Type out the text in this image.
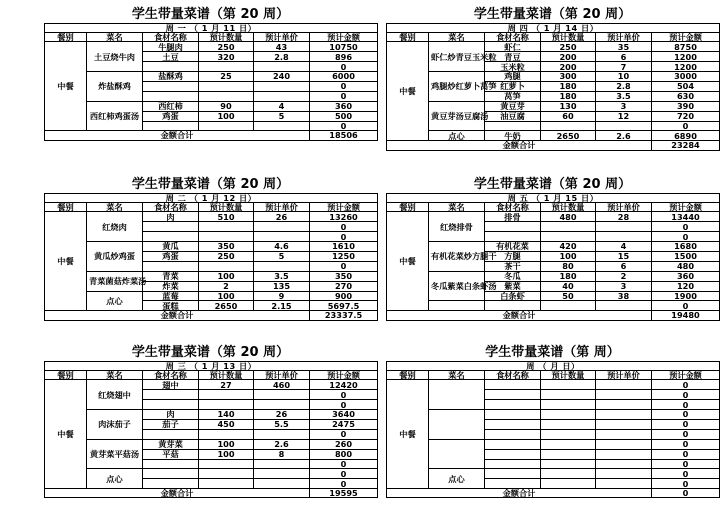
学生带量菜谱（第 20 周）
周 一 （ 1 月 11 日）					
餐别	菜名	食材名称	预计数量	预计单价	预计金额
中餐	土豆烧牛肉	牛腿肉	250	43	10750
		土豆	320	2.8	896
					0
	炸盐酥鸡	盐酥鸡	25	240	6000
					0
					0
	西红柿鸡蛋汤	西红柿	90	4	360
		鸡蛋	100	5	500
					0
金额合计					18506
学生带量菜谱（第 20 周）
周 四 （ 1 月 14 日）					
餐别	菜名	食材名称	预计数量	预计单价	预计金额
中餐	虾仁炒青豆玉米粒	虾仁	250	35	8750
		青豆	200	6	1200
		玉米粒	200	7	1200
	鸡腿炒红萝卜莴笋	鸡腿	300	10	3000
		红萝卜	180	2.8	504
		莴笋	180	3.5	630
	黄豆芽汤豆腐汤	黄豆芽	130	3	390
		油豆腐	60	12	720
					0
	点心	牛奶	2650	2.6	6890
金额合计					23284
学生带量菜谱（第 20 周）
周 二 （ 1 月 12 日）					
餐别	菜名	食材名称	预计数量	预计单价	预计金额
中餐	红烧肉	肉	510	26	13260
					0
					0
	黄瓜炒鸡蛋	黄瓜	350	4.6	1610
		鸡蛋	250	5	1250
					0
	青菜菌菇炸菜汤	青菜	100	3.5	350
		炸菜	2	135	270
	点心	蓝莓	100	9	900
		蛋糕	2650	2.15	5697.5
金额合计					23337.5
学生带量菜谱（第 20 周）
周 五 （ 1 月 15 日）					
餐别	菜名	食材名称	预计数量	预计单价	预计金额
中餐	红烧排骨	排骨	480	28	13440
					0
					0
	有机花菜炒方腿干	有机花菜	420	4	1680
		方腿	100	15	1500
		茶干	80	6	480
	冬瓜紫菜白条虾汤	冬瓜	180	2	360
		紫菜	40	3	120
		白条虾	50	38	1900
					0
金额合计					19480
学生带量菜谱（第 20 周）
周 三 （ 1 月 13 日）					
餐别	菜名	食材名称	预计数量	预计单价	预计金额
中餐	红烧翅中	翅中	27	460	12420
					0
					0
	肉沫茄子	肉	140	26	3640
		茄子	450	5.5	2475
					0
	黄芽菜平菇汤	黄芽菜	100	2.6	260
		平菇	100	8	800
					0
	点心				0
					0
金额合计					19595
学生带量菜谱（第 周）
周 （ 月 日）					
餐别	菜名	食材名称	预计数量	预计单价	预计金额
中餐					0
					0
					0
					0
					0
					0
					0
					0
					0
	点心				0
					0
金额合计					0
